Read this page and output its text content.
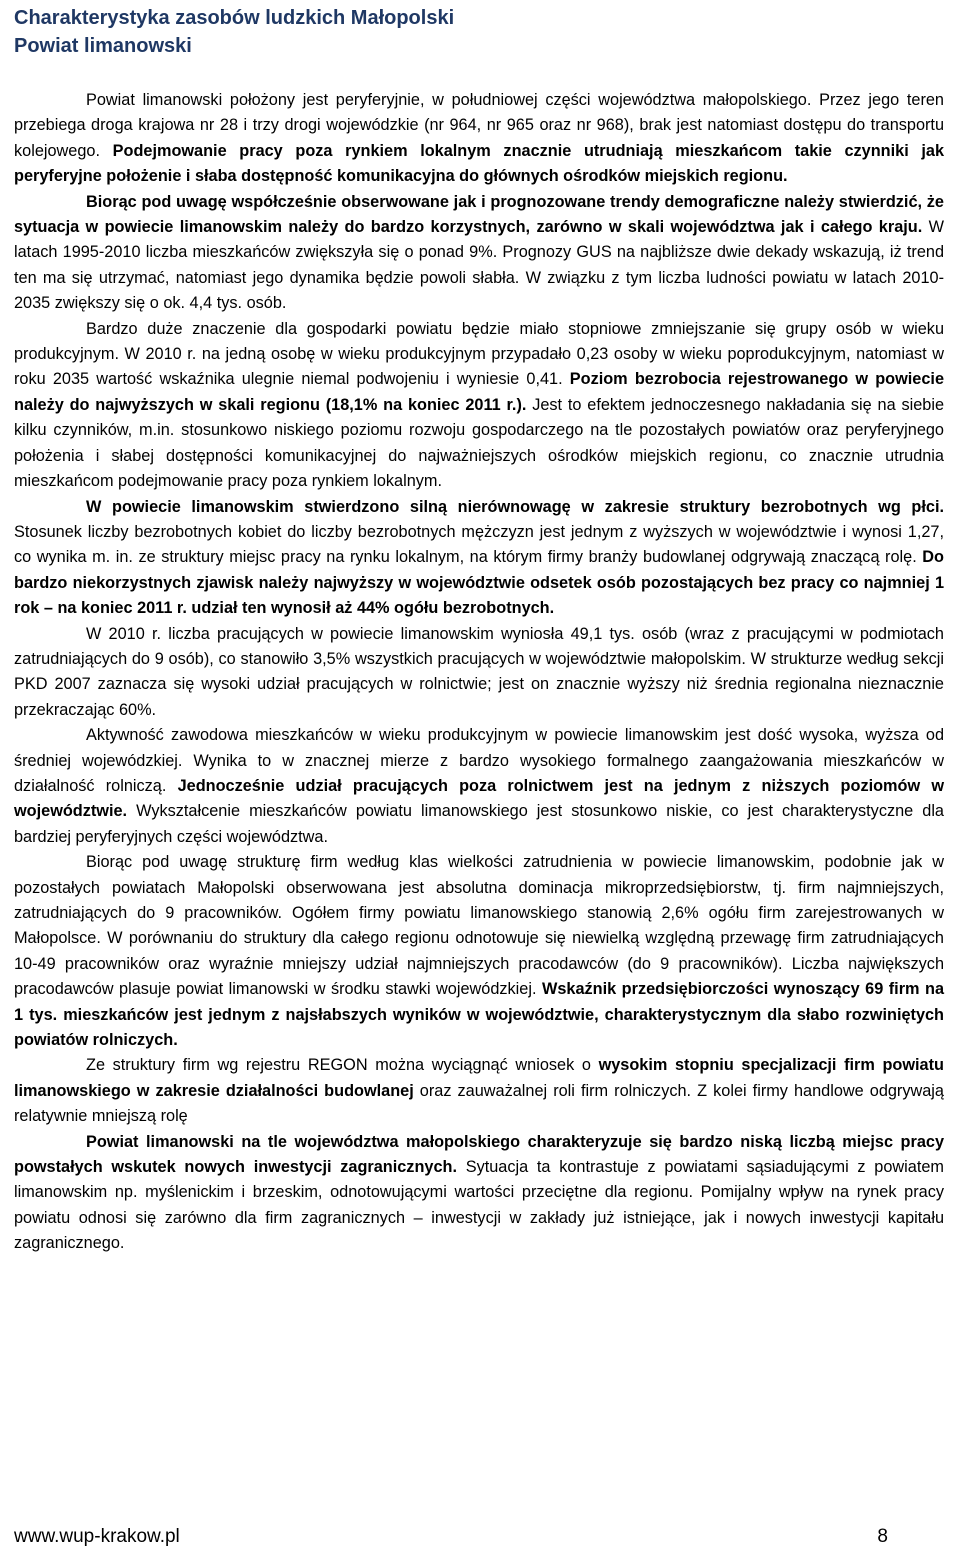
Charakterystyka zasobów ludzkich Małopolski
Powiat limanowski

Powiat limanowski położony jest peryferyjnie, w południowej części województwa małopolskiego. Przez jego teren przebiega droga krajowa nr 28 i trzy drogi wojewódzkie (nr 964, nr 965 oraz nr 968), brak jest natomiast dostępu do transportu kolejowego. Podejmowanie pracy poza rynkiem lokalnym znacznie utrudniają mieszkańcom takie czynniki jak peryferyjne położenie i słaba dostępność komunikacyjna do głównych ośrodków miejskich regionu.

Biorąc pod uwagę współcześnie obserwowane jak i prognozowane trendy demograficzne należy stwierdzić, że sytuacja w powiecie limanowskim należy do bardzo korzystnych, zarówno w skali województwa jak i całego kraju. W latach 1995-2010 liczba mieszkańców zwiększyła się o ponad 9%. Prognozy GUS na najbliższe dwie dekady wskazują, iż trend ten ma się utrzymać, natomiast jego dynamika będzie powoli słabła. W związku z tym liczba ludności powiatu w latach 2010-2035 zwiększy się o ok. 4,4 tys. osób.

Bardzo duże znaczenie dla gospodarki powiatu będzie miało stopniowe zmniejszanie się grupy osób w wieku produkcyjnym. W 2010 r. na jedną osobę w wieku produkcyjnym przypadało 0,23 osoby w wieku poprodukcyjnym, natomiast w roku 2035 wartość wskaźnika ulegnie niemal podwojeniu i wyniesie 0,41. Poziom bezrobocia rejestrowanego w powiecie należy do najwyższych w skali regionu (18,1% na koniec 2011 r.). Jest to efektem jednoczesnego nakładania się na siebie kilku czynników, m.in. stosunkowo niskiego poziomu rozwoju gospodarczego na tle pozostałych powiatów oraz peryferyjnego położenia i słabej dostępności komunikacyjnej do najważniejszych ośrodków miejskich regionu, co znacznie utrudnia mieszkańcom podejmowanie pracy poza rynkiem lokalnym.

W powiecie limanowskim stwierdzono silną nierównowagę w zakresie struktury bezrobotnych wg płci. Stosunek liczby bezrobotnych kobiet do liczby bezrobotnych mężczyzn jest jednym z wyższych w województwie i wynosi 1,27, co wynika m. in. ze struktury miejsc pracy na rynku lokalnym, na którym firmy branży budowlanej odgrywają znaczącą rolę. Do bardzo niekorzystnych zjawisk należy najwyższy w województwie odsetek osób pozostających bez pracy co najmniej 1 rok – na koniec 2011 r. udział ten wynosił aż 44% ogółu bezrobotnych.

W 2010 r. liczba pracujących w powiecie limanowskim wyniosła 49,1 tys. osób (wraz z pracującymi w podmiotach zatrudniających do 9 osób), co stanowiło 3,5% wszystkich pracujących w województwie małopolskim. W strukturze według sekcji PKD 2007 zaznacza się wysoki udział pracujących w rolnictwie; jest on znacznie wyższy niż średnia regionalna nieznacznie przekraczając 60%.

Aktywność zawodowa mieszkańców w wieku produkcyjnym w powiecie limanowskim jest dość wysoka, wyższa od średniej wojewódzkiej. Wynika to w znacznej mierze z bardzo wysokiego formalnego zaangażowania mieszkańców w działalność rolniczą. Jednocześnie udział pracujących poza rolnictwem jest na jednym z niższych poziomów w województwie. Wykształcenie mieszkańców powiatu limanowskiego jest stosunkowo niskie, co jest charakterystyczne dla bardziej peryferyjnych części województwa.

Biorąc pod uwagę strukturę firm według klas wielkości zatrudnienia w powiecie limanowskim, podobnie jak w pozostałych powiatach Małopolski obserwowana jest absolutna dominacja mikroprzedsiębiorstw, tj. firm najmniejszych, zatrudniających do 9 pracowników. Ogółem firmy powiatu limanowskiego stanowią 2,6% ogółu firm zarejestrowanych w Małopolsce. W porównaniu do struktury dla całego regionu odnotowuje się niewielką względną przewagę firm zatrudniających 10-49 pracowników oraz wyraźnie mniejszy udział najmniejszych pracodawców (do 9 pracowników). Liczba największych pracodawców plasuje powiat limanowski w środku stawki wojewódzkiej. Wskaźnik przedsiębiorczości wynoszący 69 firm na 1 tys. mieszkańców jest jednym z najsłabszych wyników w województwie, charakterystycznym dla słabo rozwiniętych powiatów rolniczych.

Ze struktury firm wg rejestru REGON można wyciągnąć wniosek o wysokim stopniu specjalizacji firm powiatu limanowskiego w zakresie działalności budowlanej oraz zauważalnej roli firm rolniczych. Z kolei firmy handlowe odgrywają relatywnie mniejszą rolę

Powiat limanowski na tle województwa małopolskiego charakteryzuje się bardzo niską liczbą miejsc pracy powstałych wskutek nowych inwestycji zagranicznych. Sytuacja ta kontrastuje z powiatami sąsiadującymi z powiatem limanowskim np. myślenickim i brzeskim, odnotowującymi wartości przeciętne dla regionu. Pomijalny wpływ na rynek pracy powiatu odnosi się zarówno dla firm zagranicznych – inwestycji w zakłady już istniejące, jak i nowych inwestycji kapitału zagranicznego.

www.wup-krakow.pl	8
